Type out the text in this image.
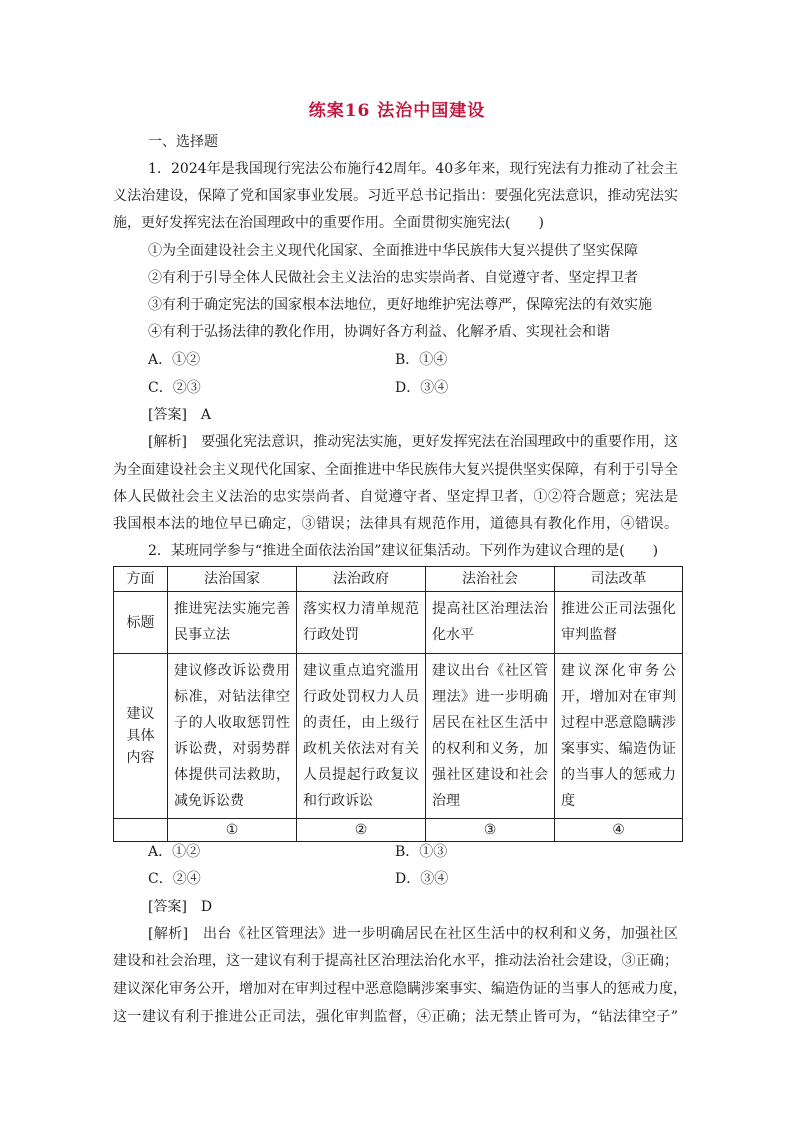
练案16 法治中国建设
一、选择题
1．2024年是我国现行宪法公布施行42周年。40多年来，现行宪法有力推动了社会主
义法治建设，保障了党和国家事业发展。习近平总书记指出：要强化宪法意识，推动宪法实
施，更好发挥宪法在治国理政中的重要作用。全面贯彻实施宪法(　　)
①为全面建设社会主义现代化国家、全面推进中华民族伟大复兴提供了坚实保障
②有利于引导全体人民做社会主义法治的忠实崇尚者、自觉遵守者、坚定捍卫者
③有利于确定宪法的国家根本法地位，更好地维护宪法尊严，保障宪法的有效实施
④有利于弘扬法律的教化作用，协调好各方利益、化解矛盾、实现社会和谐
A．①②	B．①④
C．②③	D．③④
[答案]　A
[解析]　要强化宪法意识，推动宪法实施，更好发挥宪法在治国理政中的重要作用，这
为全面建设社会主义现代化国家、全面推进中华民族伟大复兴提供坚实保障，有利于引导全
体人民做社会主义法治的忠实崇尚者、自觉遵守者、坚定捍卫者，①②符合题意；宪法是
我国根本法的地位早已确定，③错误；法律具有规范作用，道德具有教化作用，④错误。
2．某班同学参与“推进全面依法治国”建议征集活动。下列作为建议合理的是(　　)
方面	法治国家	法治政府	法治社会	司法改革
标题	推进宪法实施完善民事立法	落实权力清单规范行政处罚	提高社区治理法治化水平	推进公正司法强化审判监督
建议具体内容	建议修改诉讼费用标准，对钻法律空子的人收取惩罚性诉讼费，对弱势群体提供司法救助，减免诉讼费	建议重点追究滥用行政处罚权力人员的责任，由上级行政机关依法对有关人员提起行政复议和行政诉讼	建议出台《社区管理法》进一步明确居民在社区生活中的权利和义务，加强社区建设和社会治理	建议深化审务公开，增加对在审判过程中恶意隐瞒涉案事实、编造伪证的当事人的惩戒力度
	①	②	③	④
A．①②	B．①③
C．②④	D．③④
[答案]　D
[解析]　出台《社区管理法》进一步明确居民在社区生活中的权利和义务，加强社区
建设和社会治理，这一建议有利于提高社区治理法治化水平，推动法治社会建设，③正确；
建议深化审务公开，增加对在审判过程中恶意隐瞒涉案事实、编造伪证的当事人的惩戒力度，
这一建议有利于推进公正司法，强化审判监督，④正确；法无禁止皆可为，“钻法律空子”
